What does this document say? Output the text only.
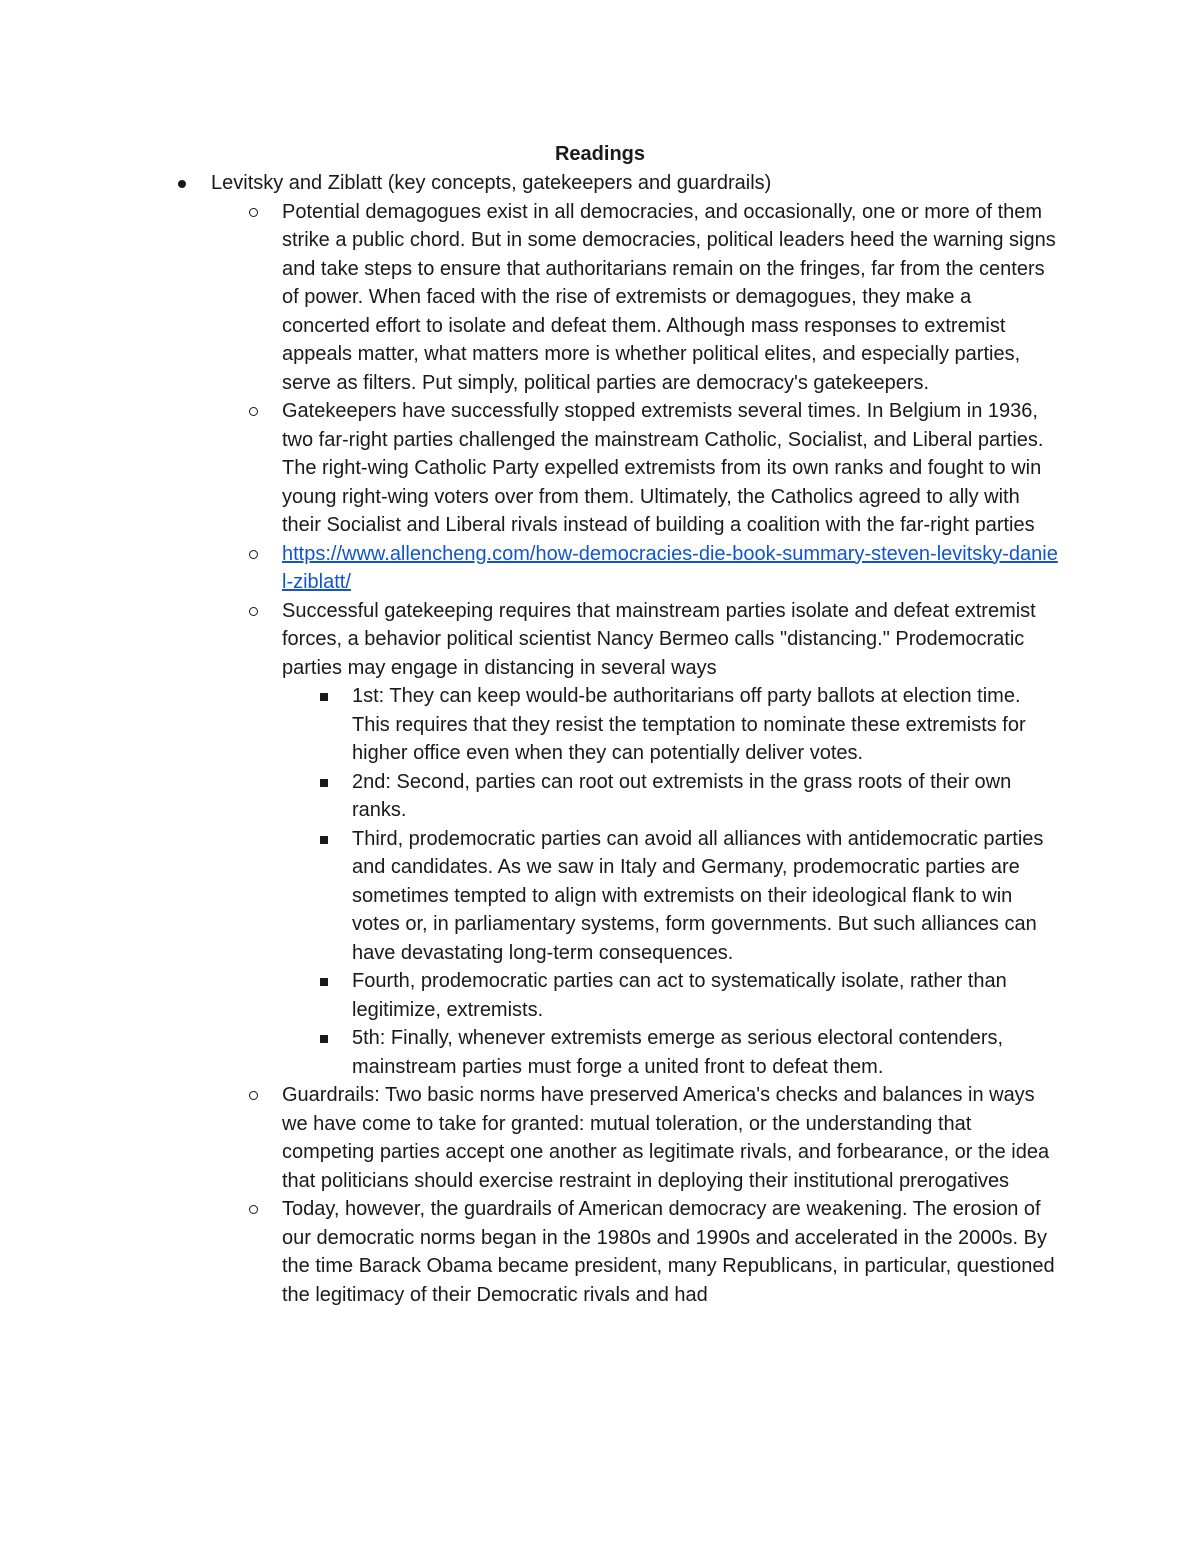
Readings
Levitsky and Ziblatt (key concepts, gatekeepers and guardrails)
Potential demagogues exist in all democracies, and occasionally, one or more of them strike a public chord. But in some democracies, political leaders heed the warning signs and take steps to ensure that authoritarians remain on the fringes, far from the centers of power. When faced with the rise of extremists or demagogues, they make a concerted effort to isolate and defeat them. Although mass responses to extremist appeals matter, what matters more is whether political elites, and especially parties, serve as filters. Put simply, political parties are democracy's gatekeepers.
Gatekeepers have successfully stopped extremists several times. In Belgium in 1936, two far-right parties challenged the mainstream Catholic, Socialist, and Liberal parties. The right-wing Catholic Party expelled extremists from its own ranks and fought to win young right-wing voters over from them. Ultimately, the Catholics agreed to ally with their Socialist and Liberal rivals instead of building a coalition with the far-right parties
https://www.allencheng.com/how-democracies-die-book-summary-steven-levitsky-daniel-ziblatt/
Successful gatekeeping requires that mainstream parties isolate and defeat extremist forces, a behavior political scientist Nancy Bermeo calls "distancing." Prodemocratic parties may engage in distancing in several ways
1st: They can keep would-be authoritarians off party ballots at election time. This requires that they resist the temptation to nominate these extremists for higher office even when they can potentially deliver votes.
2nd: Second, parties can root out extremists in the grass roots of their own ranks.
Third, prodemocratic parties can avoid all alliances with antidemocratic parties and candidates. As we saw in Italy and Germany, prodemocratic parties are sometimes tempted to align with extremists on their ideological flank to win votes or, in parliamentary systems, form governments. But such alliances can have devastating long-term consequences.
Fourth, prodemocratic parties can act to systematically isolate, rather than legitimize, extremists.
5th: Finally, whenever extremists emerge as serious electoral contenders, mainstream parties must forge a united front to defeat them.
Guardrails: Two basic norms have preserved America's checks and balances in ways we have come to take for granted: mutual toleration, or the understanding that competing parties accept one another as legitimate rivals, and forbearance, or the idea that politicians should exercise restraint in deploying their institutional prerogatives
Today, however, the guardrails of American democracy are weakening. The erosion of our democratic norms began in the 1980s and 1990s and accelerated in the 2000s. By the time Barack Obama became president, many Republicans, in particular, questioned the legitimacy of their Democratic rivals and had
